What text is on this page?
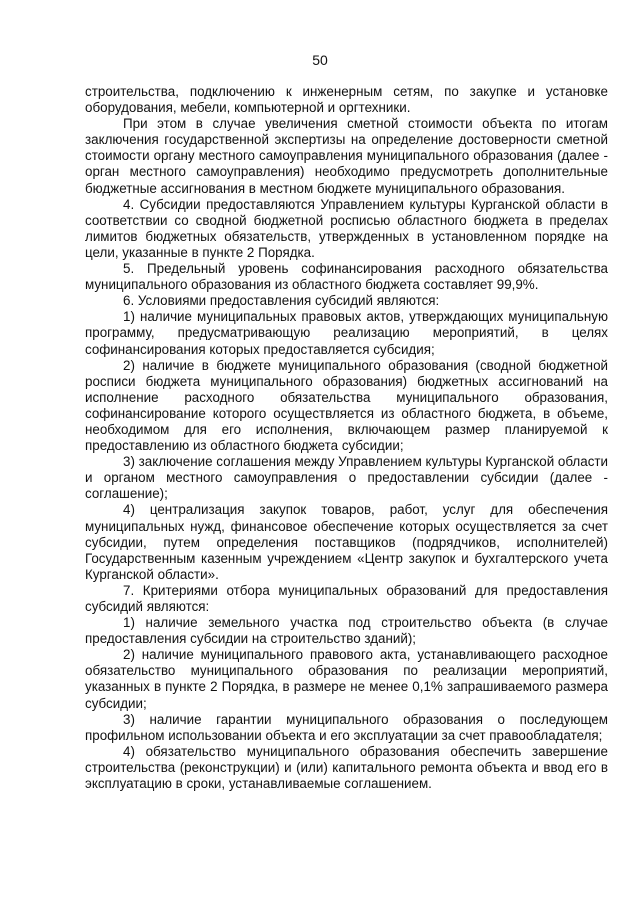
50

строительства, подключению к инженерным сетям, по закупке и установке оборудования, мебели, компьютерной и оргтехники.

При этом в случае увеличения сметной стоимости объекта по итогам заключения государственной экспертизы на определение достоверности сметной стоимости органу местного самоуправления муниципального образования (далее - орган местного самоуправления) необходимо предусмотреть дополнительные бюджетные ассигнования в местном бюджете муниципального образования.

4. Субсидии предоставляются Управлением культуры Курганской области в соответствии со сводной бюджетной росписью областного бюджета в пределах лимитов бюджетных обязательств, утвержденных в установленном порядке на цели, указанные в пункте 2 Порядка.

5. Предельный уровень софинансирования расходного обязательства муниципального образования из областного бюджета составляет 99,9%.

6. Условиями предоставления субсидий являются:

1) наличие муниципальных правовых актов, утверждающих муниципальную программу, предусматривающую реализацию мероприятий, в целях софинансирования которых предоставляется субсидия;

2) наличие в бюджете муниципального образования (сводной бюджетной росписи бюджета муниципального образования) бюджетных ассигнований на исполнение расходного обязательства муниципального образования, софинансирование которого осуществляется из областного бюджета, в объеме, необходимом для его исполнения, включающем размер планируемой к предоставлению из областного бюджета субсидии;

3) заключение соглашения между Управлением культуры Курганской области и органом местного самоуправления о предоставлении субсидии (далее - соглашение);

4) централизация закупок товаров, работ, услуг для обеспечения муниципальных нужд, финансовое обеспечение которых осуществляется за счет субсидии, путем определения поставщиков (подрядчиков, исполнителей) Государственным казенным учреждением «Центр закупок и бухгалтерского учета Курганской области».

7. Критериями отбора муниципальных образований для предоставления субсидий являются:

1) наличие земельного участка под строительство объекта (в случае предоставления субсидии на строительство зданий);

2) наличие муниципального правового акта, устанавливающего расходное обязательство муниципального образования по реализации мероприятий, указанных в пункте 2 Порядка, в размере не менее 0,1% запрашиваемого размера субсидии;

3) наличие гарантии муниципального образования о последующем профильном использовании объекта и его эксплуатации за счет правообладателя;

4) обязательство муниципального образования обеспечить завершение строительства (реконструкции) и (или) капитального ремонта объекта и ввод его в эксплуатацию в сроки, устанавливаемые соглашением.
